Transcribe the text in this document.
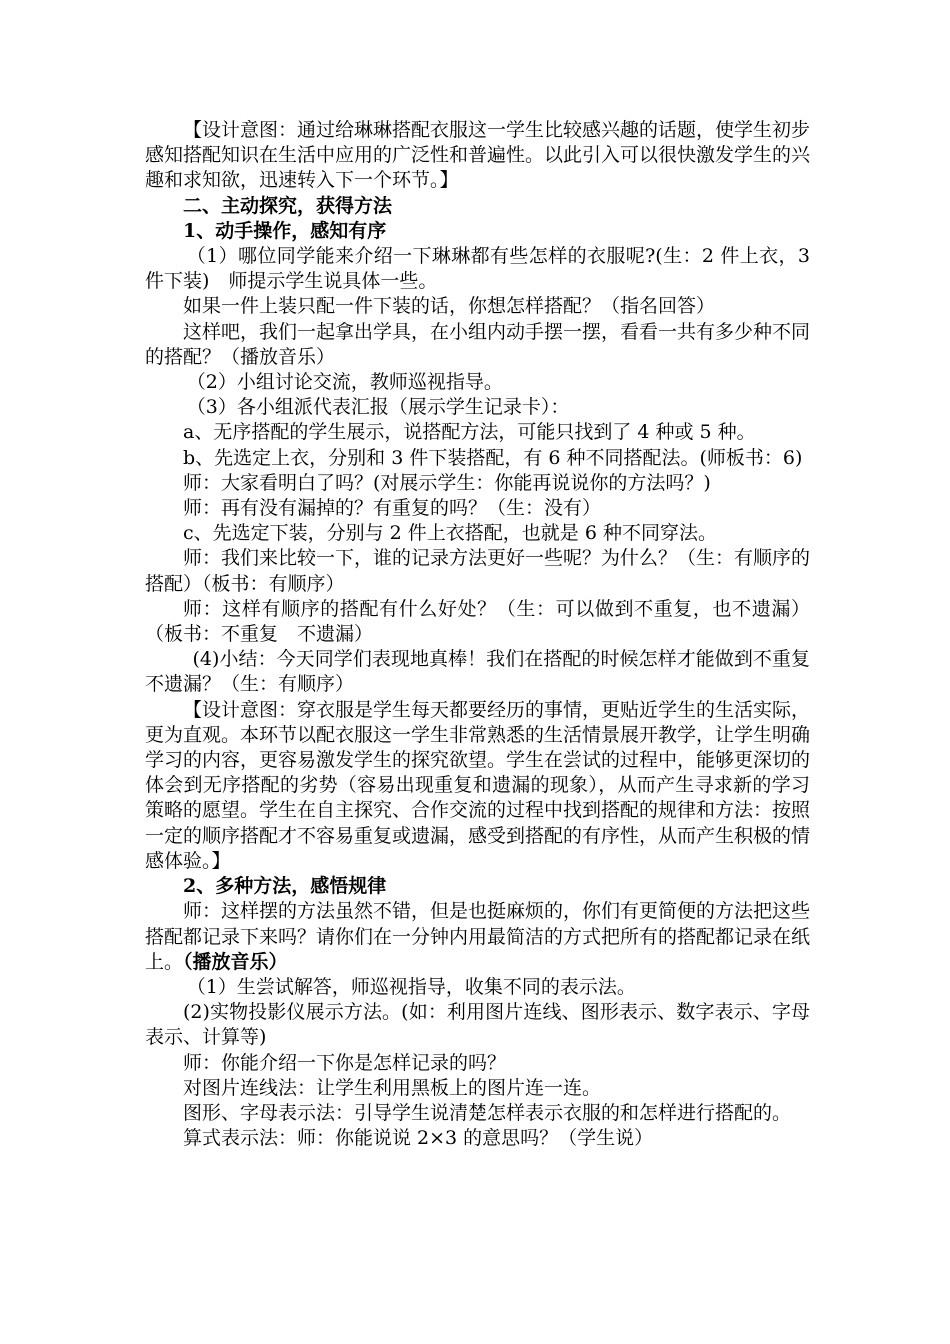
【设计意图：通过给琳琳搭配衣服这一学生比较感兴趣的话题，使学生初步感知搭配知识在生活中应用的广泛性和普遍性。以此引入可以很快激发学生的兴趣和求知欲，迅速转入下一个环节。】

二、主动探究，获得方法

1、动手操作，感知有序

（1）哪位同学能来介绍一下琳琳都有些怎样的衣服呢?(生：2 件上衣，3 件下装)　师提示学生说具体一些。

如果一件上装只配一件下装的话，你想怎样搭配？（指名回答）

这样吧，我们一起拿出学具，在小组内动手摆一摆，看看一共有多少种不同的搭配？（播放音乐）

（2）小组讨论交流，教师巡视指导。

（3）各小组派代表汇报（展示学生记录卡）：

a、无序搭配的学生展示，说搭配方法，可能只找到了 4 种或 5 种。

b、先选定上衣，分别和 3 件下装搭配，有 6 种不同搭配法。(师板书：6)

师：大家看明白了吗？(对展示学生：你能再说说你的方法吗？)

师：再有没有漏掉的？有重复的吗？（生：没有）

c、先选定下装，分别与 2 件上衣搭配，也就是 6 种不同穿法。

师：我们来比较一下，谁的记录方法更好一些呢？为什么？（生：有顺序的搭配）（板书：有顺序）

师：这样有顺序的搭配有什么好处？（生：可以做到不重复，也不遗漏）（板书：不重复　不遗漏）

(4)小结：今天同学们表现地真棒！我们在搭配的时候怎样才能做到不重复不遗漏？（生：有顺序）

【设计意图：穿衣服是学生每天都要经历的事情，更贴近学生的生活实际，更为直观。本环节以配衣服这一学生非常熟悉的生活情景展开教学，让学生明确学习的内容，更容易激发学生的探究欲望。学生在尝试的过程中，能够更深切的体会到无序搭配的劣势（容易出现重复和遗漏的现象），从而产生寻求新的学习策略的愿望。学生在自主探究、合作交流的过程中找到搭配的规律和方法：按照一定的顺序搭配才不容易重复或遗漏，感受到搭配的有序性，从而产生积极的情感体验。】

2、多种方法，感悟规律

师：这样摆的方法虽然不错，但是也挺麻烦的，你们有更简便的方法把这些搭配都记录下来吗？请你们在一分钟内用最简洁的方式把所有的搭配都记录在纸上。（播放音乐）

（1）生尝试解答，师巡视指导，收集不同的表示法。

(2)实物投影仪展示方法。(如：利用图片连线、图形表示、数字表示、字母表示、计算等)

师：你能介绍一下你是怎样记录的吗？

对图片连线法：让学生利用黑板上的图片连一连。

图形、字母表示法：引导学生说清楚怎样表示衣服的和怎样进行搭配的。

算式表示法：师：你能说说 2×3 的意思吗？（学生说）
